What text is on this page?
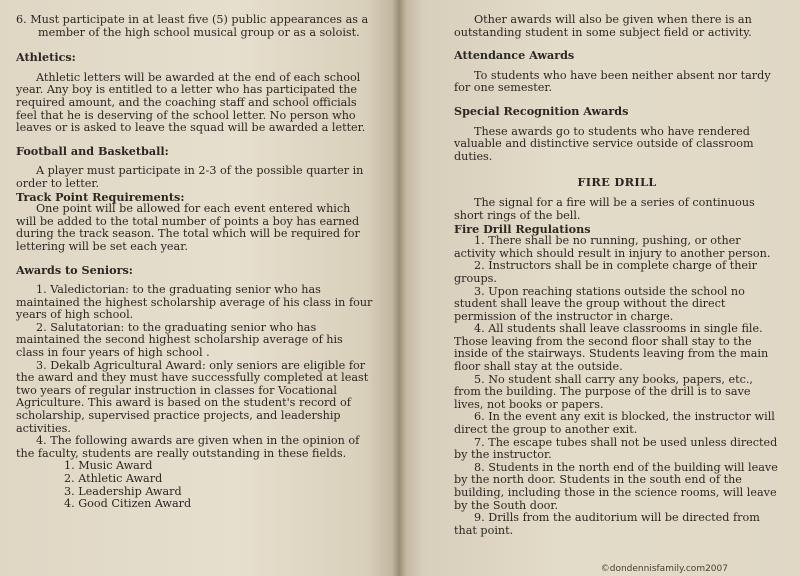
6. Must participate in at least five (5) public appearances as a member of the high school musical group or as a soloist.

Athletics:

Athletic letters will be awarded at the end of each school year. Any boy is entitled to a letter who has participated the required amount, and the coaching staff and school officials feel that he is deserving of the school letter. No person who leaves or is asked to leave the squad will be awarded a letter.

Football and Basketball:

A player must participate in 2-3 of the possible quarter in order to letter.

Track Point Requirements:

One point will be allowed for each event entered which will be added to the total number of points a boy has earned during the track season. The total which will be required for lettering will be set each year.

Awards to Seniors:

1. Valedictorian: to the graduating senior who has maintained the highest scholarship average of his class in four years of high school.

2. Salutatorian: to the graduating senior who has maintained the second highest scholarship average of his class in four years of high school .

3. Dekalb Agricultural Award: only seniors are eligible for the award and they must have successfully completed at least two years of regular instruction in classes for Vocational Agriculture. This award is based on the student's record of scholarship, supervised practice projects, and leadership activities.

4. The following awards are given when in the opinion of the faculty, students are really outstanding in these fields.

1. Music Award
2. Athletic Award
3. Leadership Award
4. Good Citizen Award

Other awards will also be given when there is an outstanding student in some subject field or activity.

Attendance Awards

To students who have been neither absent nor tardy for one semester.

Special Recognition Awards

These awards go to students who have rendered valuable and distinctive service outside of classroom duties.

FIRE DRILL

The signal for a fire will be a series of continuous short rings of the bell.

Fire Drill Regulations

1. There shall be no running, pushing, or other activity which should result in injury to another person.

2. Instructors shall be in complete charge of their groups.

3. Upon reaching stations outside the school no student shall leave the group without the direct permission of the instructor in charge.

4. All students shall leave classrooms in single file. Those leaving from the second floor shall stay to the inside of the stairways. Students leaving from the main floor shall stay at the outside.

5. No student shall carry any books, papers, etc., from the building. The purpose of the drill is to save lives, not books or papers.

6. In the event any exit is blocked, the instructor will direct the group to another exit.

7. The escape tubes shall not be used unless directed by the instructor.

8. Students in the north end of the building will leave by the north door. Students in the south end of the building, including those in the science rooms, will leave by the South door.

9. Drills from the auditorium will be directed from that point.

©dondennisfamily.com2007
